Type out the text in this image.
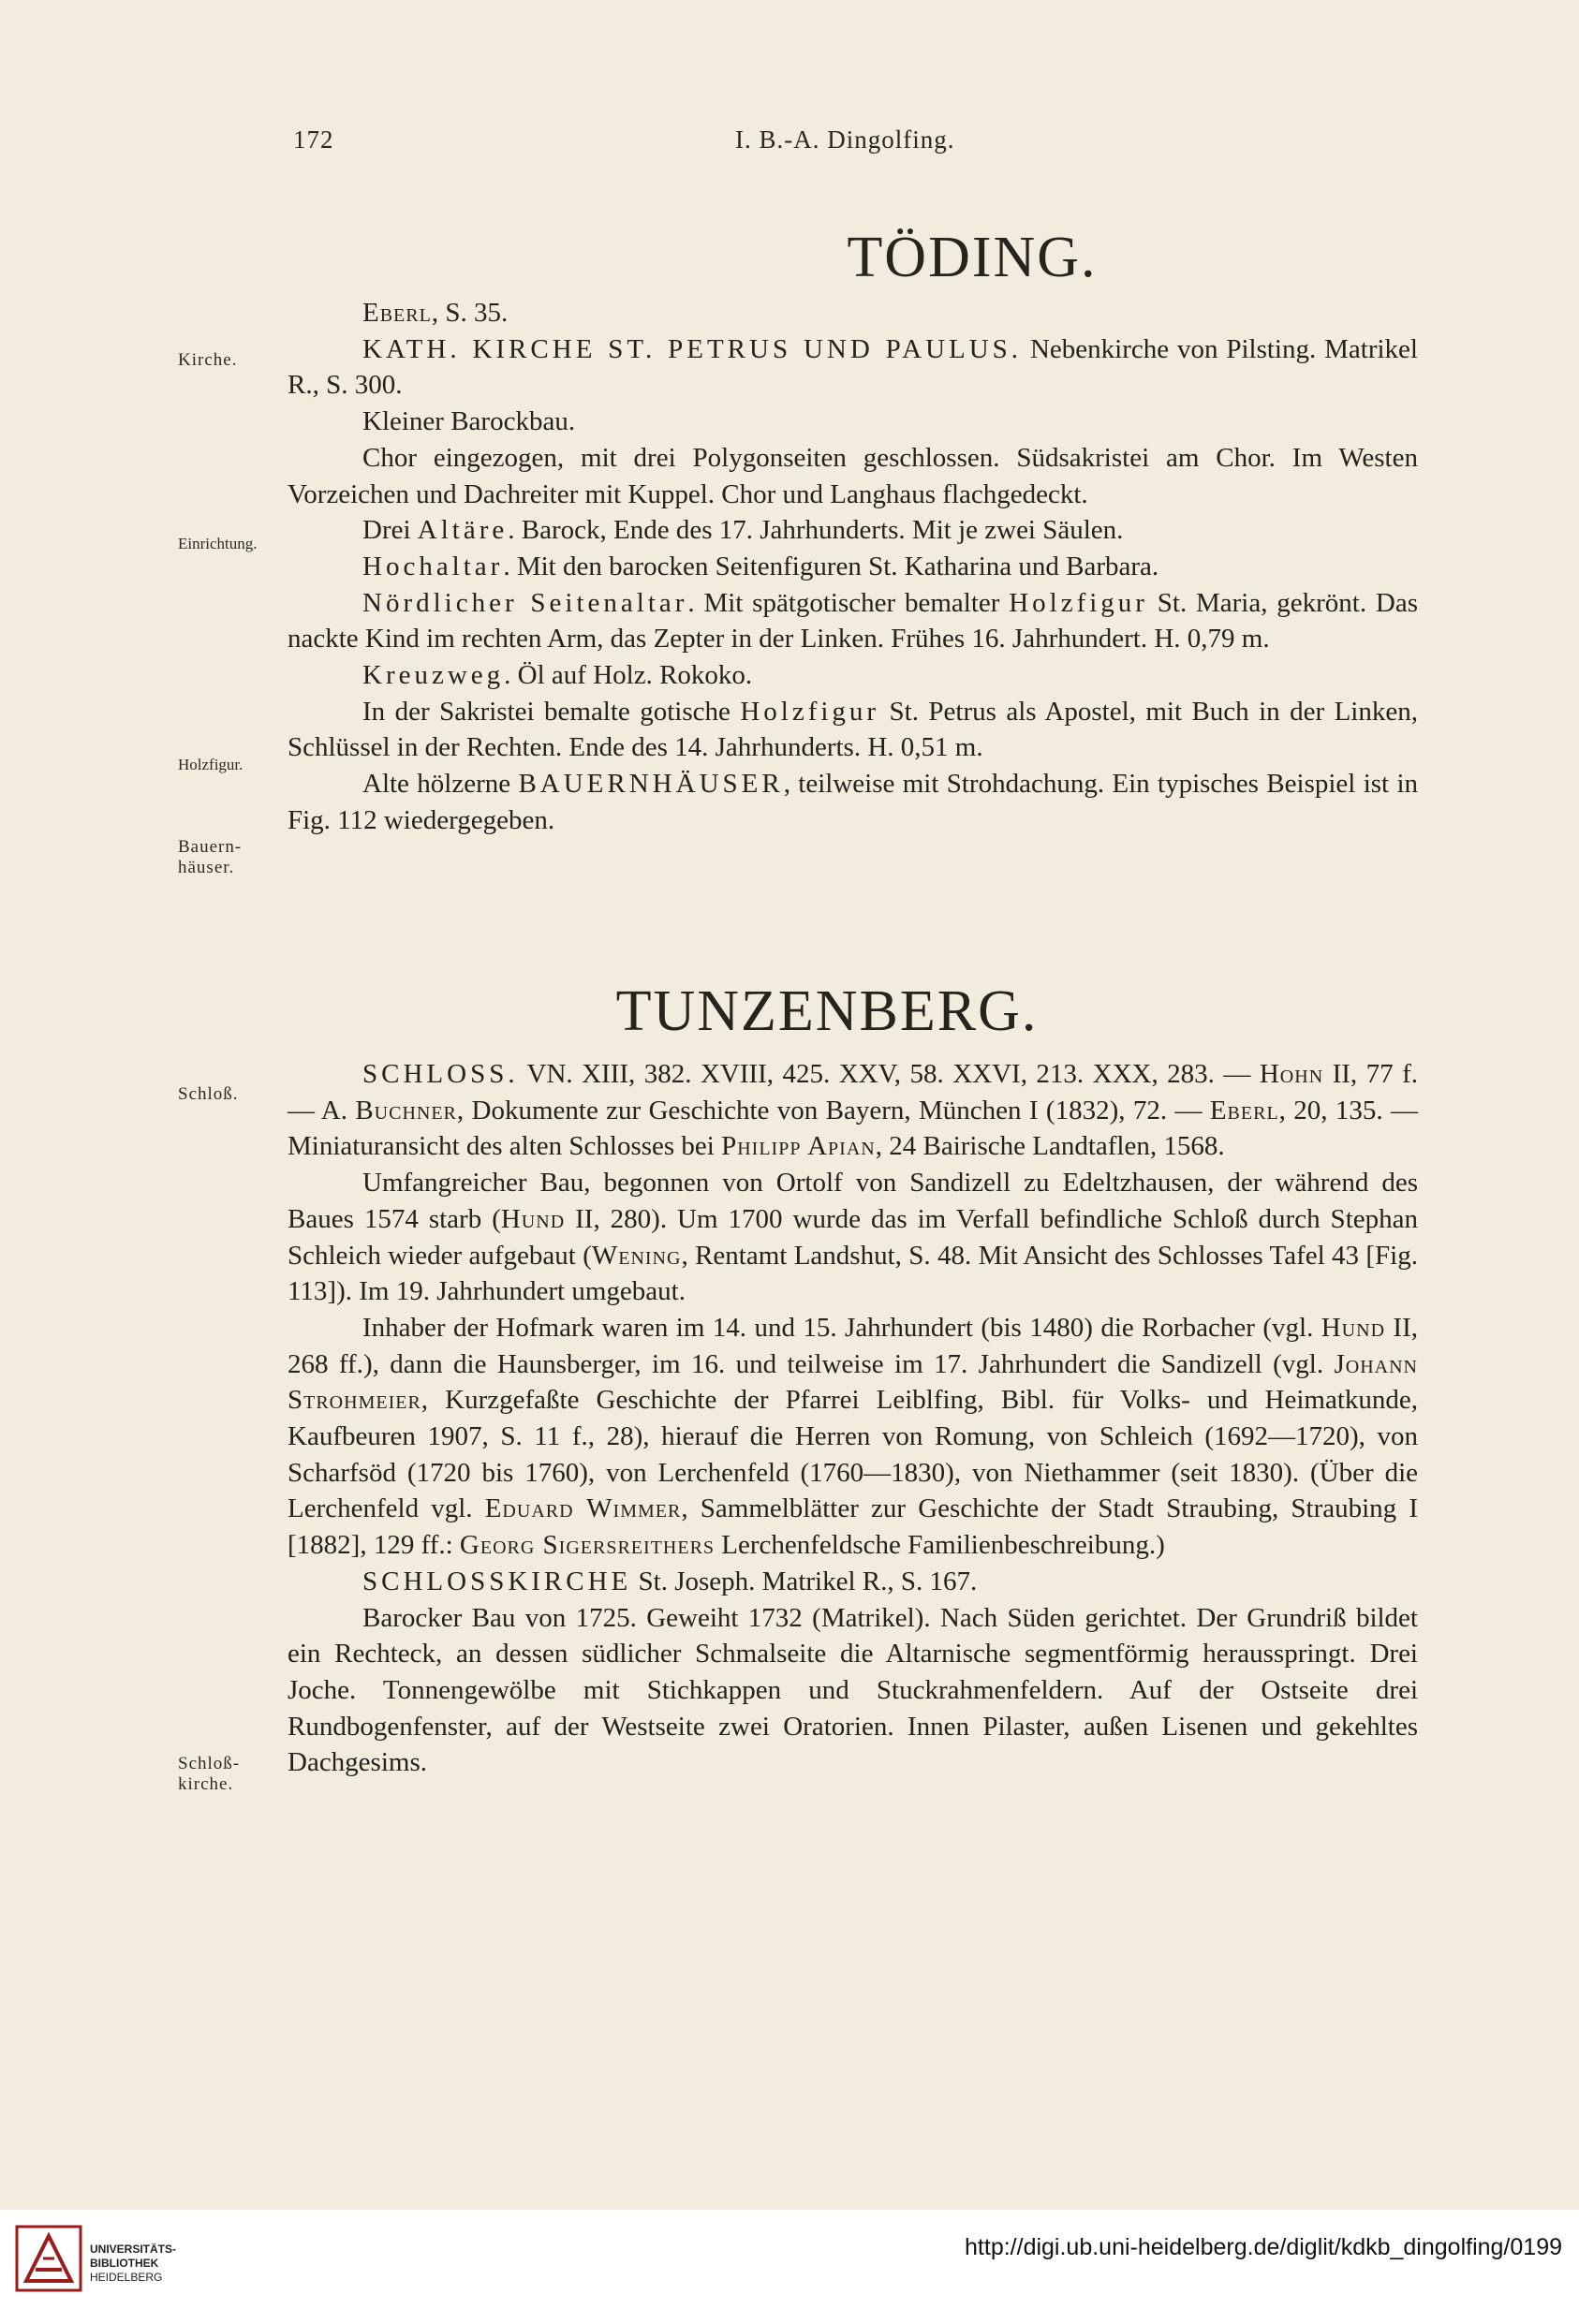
172	I. B.-A. Dingolfing.
TÖDING.
Kirche.
Einrichtung.
Holzfigur.
Bauern-
häuser.

Eberl, S. 35.

KATH. KIRCHE ST. PETRUS UND PAULUS. Nebenkirche von Pilsting. Matrikel R., S. 300.

Kleiner Barockbau.

Chor eingezogen, mit drei Polygonseiten geschlossen. Südsakristei am Chor. Im Westen Vorzeichen und Dachreiter mit Kuppel. Chor und Langhaus flachgedeckt.

Drei Altäre. Barock, Ende des 17. Jahrhunderts. Mit je zwei Säulen.

Hochaltar. Mit den barocken Seitenfiguren St. Katharina und Barbara.

Nördlicher Seitenaltar. Mit spätgotischer bemalter Holzfigur St. Maria, gekrönt. Das nackte Kind im rechten Arm, das Zepter in der Linken. Frühes 16. Jahrhundert. H. 0,79 m.

Kreuzweg. Öl auf Holz. Rokoko.

In der Sakristei bemalte gotische Holzfigur St. Petrus als Apostel, mit Buch in der Linken, Schlüssel in der Rechten. Ende des 14. Jahrhunderts. H. 0,51 m.

Alte hölzerne BAUERNHÄUSER, teilweise mit Strohdachung. Ein typisches Beispiel ist in Fig. 112 wiedergegeben.

TUNZENBERG.
Schloß.
Schloß-
kirche.

SCHLOSS. VN. XIII, 382. XVIII, 425. XXV, 58. XXVI, 213. XXX, 283. — Hohn II, 77 f. — A. Buchner, Dokumente zur Geschichte von Bayern, München I (1832), 72. — Eberl, 20, 135. — Miniaturansicht des alten Schlosses bei Philipp Apian, 24 Bairische Landtaflen, 1568.

Umfangreicher Bau, begonnen von Ortolf von Sandizell zu Edeltzhausen, der während des Baues 1574 starb (Hund II, 280). Um 1700 wurde das im Verfall befindliche Schloß durch Stephan Schleich wieder aufgebaut (Wening, Rentamt Landshut, S. 48. Mit Ansicht des Schlosses Tafel 43 [Fig. 113]). Im 19. Jahrhundert umgebaut.

Inhaber der Hofmark waren im 14. und 15. Jahrhundert (bis 1480) die Rorbacher (vgl. Hund II, 268 ff.), dann die Haunsberger, im 16. und teilweise im 17. Jahrhundert die Sandizell (vgl. Johann Strohmeier, Kurzgefaßte Geschichte der Pfarrei Leiblfing, Bibl. für Volks- und Heimatkunde, Kaufbeuren 1907, S. 11 f., 28), hierauf die Herren von Romung, von Schleich (1692—1720), von Scharfsöd (1720 bis 1760), von Lerchenfeld (1760—1830), von Niethammer (seit 1830). (Über die Lerchenfeld vgl. Eduard Wimmer, Sammelblätter zur Geschichte der Stadt Straubing, Straubing I [1882], 129 ff.: Georg Sigersreithers Lerchenfeldsche Familienbeschreibung.)

SCHLOSSKIRCHE St. Joseph. Matrikel R., S. 167.

Barocker Bau von 1725. Geweiht 1732 (Matrikel). Nach Süden gerichtet. Der Grundriß bildet ein Rechteck, an dessen südlicher Schmalseite die Altarnische segmentförmig herausspringt. Drei Joche. Tonnengewölbe mit Stichkappen und Stuckrahmenfeldern. Auf der Ostseite drei Rundbogenfenster, auf der Westseite zwei Oratorien. Innen Pilaster, außen Lisenen und gekehltes Dachgesims.

UNIVERSITÄTS-
BIBLIOTHEK
HEIDELBERG
http://digi.ub.uni-heidelberg.de/diglit/kdkb_dingolfing/0199
